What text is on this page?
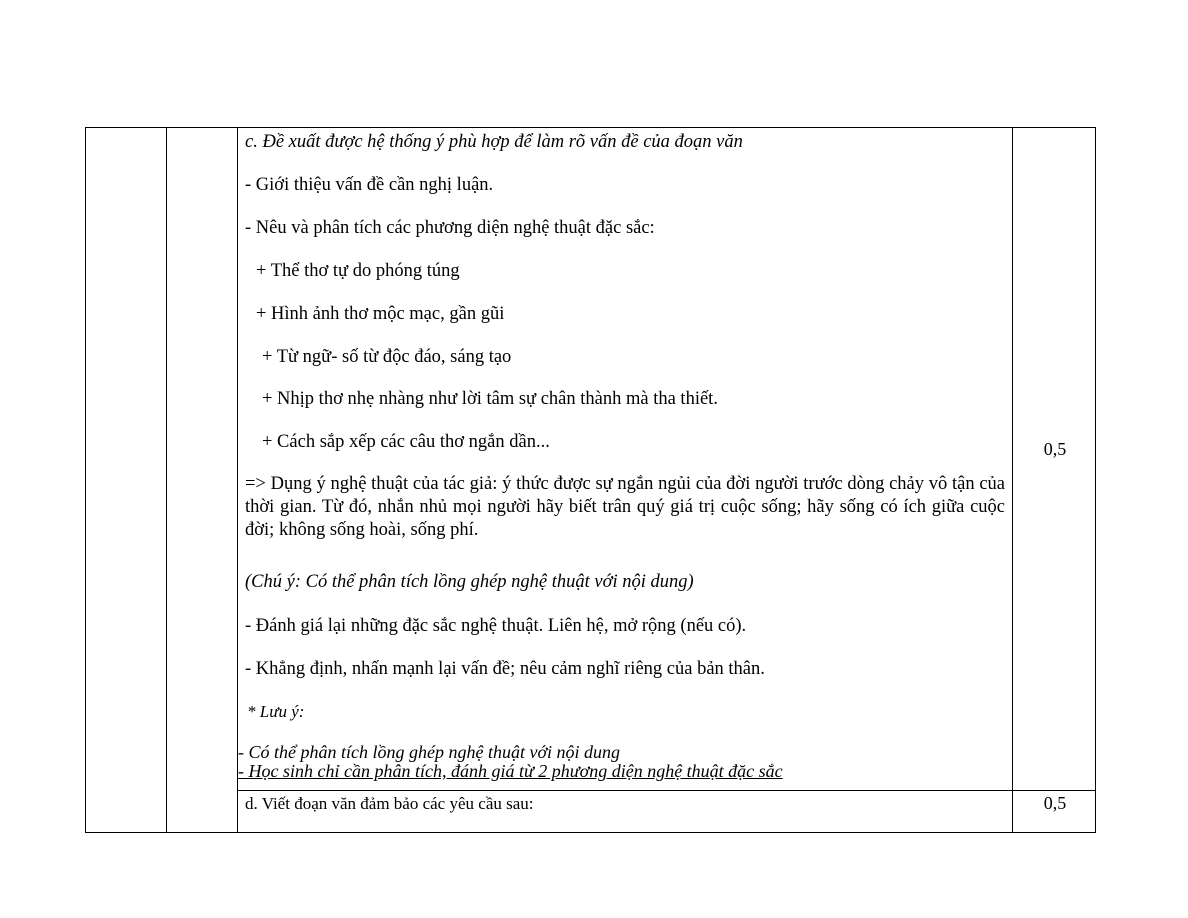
c. Đề xuất được hệ thống ý phù hợp để làm rõ vấn đề của đoạn văn
- Giới thiệu vấn đề cần nghị luận.
- Nêu và phân tích các phương diện nghệ thuật đặc sắc:
+ Thể thơ tự do phóng túng
+ Hình ảnh thơ mộc mạc, gần gũi
+ Từ ngữ- số từ độc đáo, sáng tạo
+ Nhịp thơ nhẹ nhàng như lời tâm sự chân thành mà tha thiết.
+ Cách sắp xếp các câu thơ ngắn dần...
=> Dụng ý nghệ thuật của tác giả: ý thức được sự ngắn ngủi của đời người trước dòng chảy vô tận của thời gian. Từ đó, nhắn nhủ mọi người hãy biết trân quý giá trị cuộc sống; hãy sống có ích giữa cuộc đời; không sống hoài, sống phí.
(Chú ý: Có thể phân tích lồng ghép nghệ thuật với nội dung)
- Đánh giá lại những đặc sắc nghệ thuật. Liên hệ, mở rộng (nếu có).
- Khẳng định, nhấn mạnh lại vấn đề; nêu cảm nghĩ riêng của bản thân.
* Lưu ý:
- Có thể phân tích lồng ghép nghệ thuật với nội dung
- Học sinh chỉ cần phân tích, đánh giá từ 2 phương diện nghệ thuật đặc sắc
0,5
d. Viết đoạn văn đảm bảo các yêu cầu sau:	0,5
